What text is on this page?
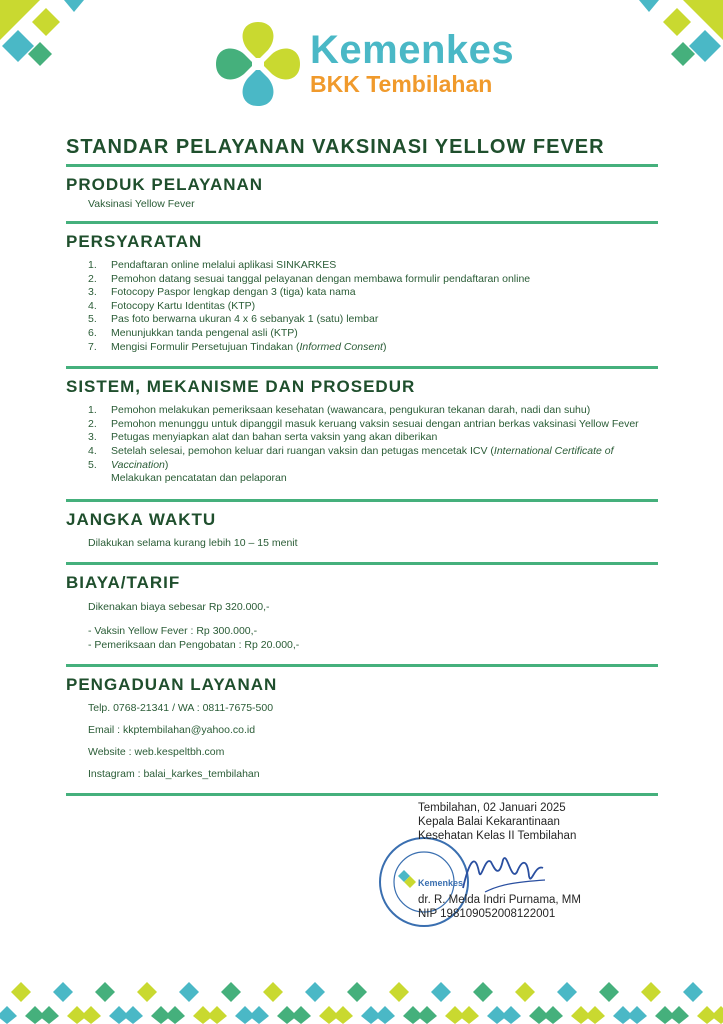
Kemenkes
BKK Tembilahan
STANDAR PELAYANAN VAKSINASI YELLOW FEVER
PRODUK PELAYANAN

Vaksinasi Yellow Fever

PERSYARATAN
1. Pendaftaran online melalui aplikasi SINKARKES
2. Pemohon datang sesuai tanggal pelayanan dengan membawa formulir pendaftaran online
3. Fotocopy Paspor lengkap dengan 3 (tiga) kata nama
4. Fotocopy Kartu Identitas (KTP)
5. Pas foto berwarna ukuran 4 x 6 sebanyak 1 (satu) lembar
6. Menunjukkan tanda pengenal asli (KTP)
7. Mengisi Formulir Persetujuan Tindakan (Informed Consent)
SISTEM, MEKANISME DAN PROSEDUR
1. Pemohon melakukan pemeriksaan kesehatan (wawancara, pengukuran tekanan darah, nadi dan suhu)
2. Pemohon menunggu untuk dipanggil masuk keruang vaksin sesuai dengan antrian berkas vaksinasi Yellow Fever
3. Petugas menyiapkan alat dan bahan serta vaksin yang akan diberikan
4. Setelah selesai, pemohon keluar dari ruangan vaksin dan petugas mencetak ICV (International Certificate of
5. Vaccination)
Melakukan pencatatan dan pelaporan
JANGKA WAKTU

Dilakukan selama kurang lebih 10 – 15 menit

BIAYA/TARIF

Dikenakan biaya sebesar Rp 320.000,-

- Vaksin Yellow Fever : Rp 300.000,-

- Pemeriksaan dan Pengobatan : Rp 20.000,-

PENGADUAN LAYANAN

Telp. 0768-21341 / WA : 0811-7675-500

Email : kkptembilahan@yahoo.co.id

Website : web.kespeltbh.com

Instagram : balai_karkes_tembilahan

Kemenkes
Tembilahan, 02 Januari 2025
Kepala Balai Kekarantinaan
Kesehatan Kelas II Tembilahan
dr. R. Melda Indri Purnama, MM
NIP 198109052008122001
